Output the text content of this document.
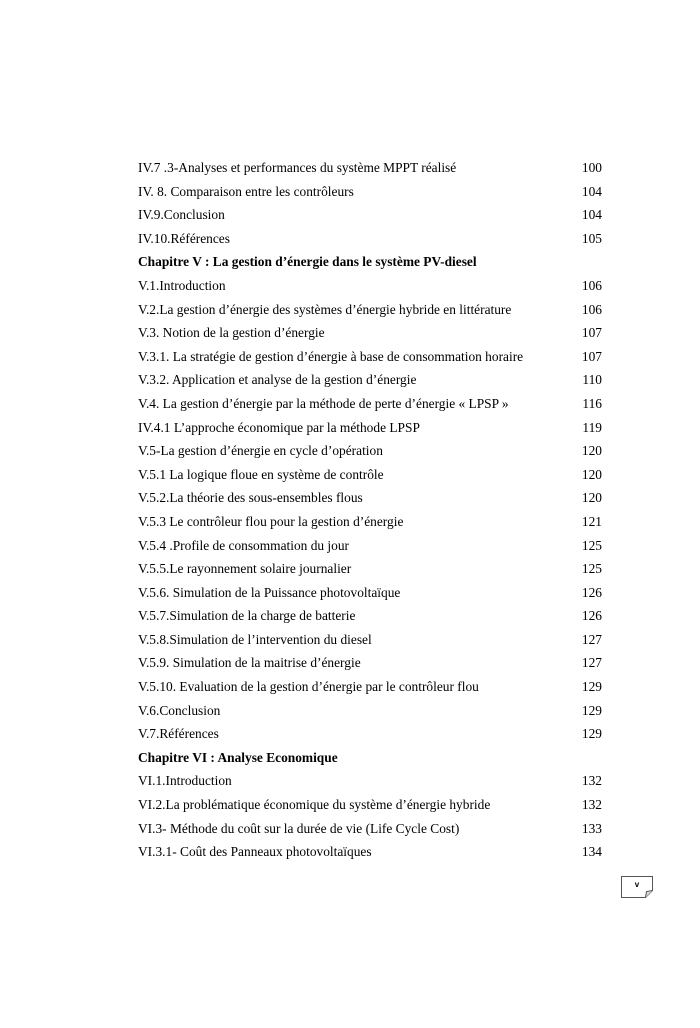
IV.7 .3-Analyses et performances du système MPPT réalisé	100
IV. 8. Comparaison entre les contrôleurs	104
IV.9.Conclusion	104
IV.10.Références	105
Chapitre V : La gestion d’énergie dans le système PV-diesel
V.1.Introduction	106
V.2.La gestion d’énergie des systèmes d’énergie hybride en littérature	106
V.3. Notion de la gestion d’énergie	107
V.3.1. La stratégie de gestion d’énergie à base de consommation horaire	107
V.3.2. Application et analyse de la gestion d’énergie	110
V.4. La gestion d’énergie par la méthode de perte d’énergie « LPSP »	116
IV.4.1 L’approche économique par la méthode LPSP	119
V.5-La gestion d’énergie en cycle d’opération	120
V.5.1 La logique floue en système de contrôle	120
V.5.2.La théorie des sous-ensembles flous	120
V.5.3 Le contrôleur flou pour la gestion d’énergie	121
V.5.4 .Profile de consommation du jour	125
V.5.5.Le rayonnement solaire journalier	125
V.5.6. Simulation de la Puissance photovoltaïque	126
V.5.7.Simulation de la charge de batterie	126
V.5.8.Simulation de l’intervention du diesel	127
V.5.9. Simulation de la maitrise d’énergie	127
V.5.10. Evaluation de la gestion d’énergie par le contrôleur flou	129
V.6.Conclusion	129
V.7.Références	129
Chapitre VI : Analyse Economique
VI.1.Introduction	132
VI.2.La problématique économique du système d’énergie hybride	132
VI.3- Méthode du coût sur la durée de vie (Life Cycle Cost)	133
VI.3.1- Coût des Panneaux photovoltaïques	134
v
